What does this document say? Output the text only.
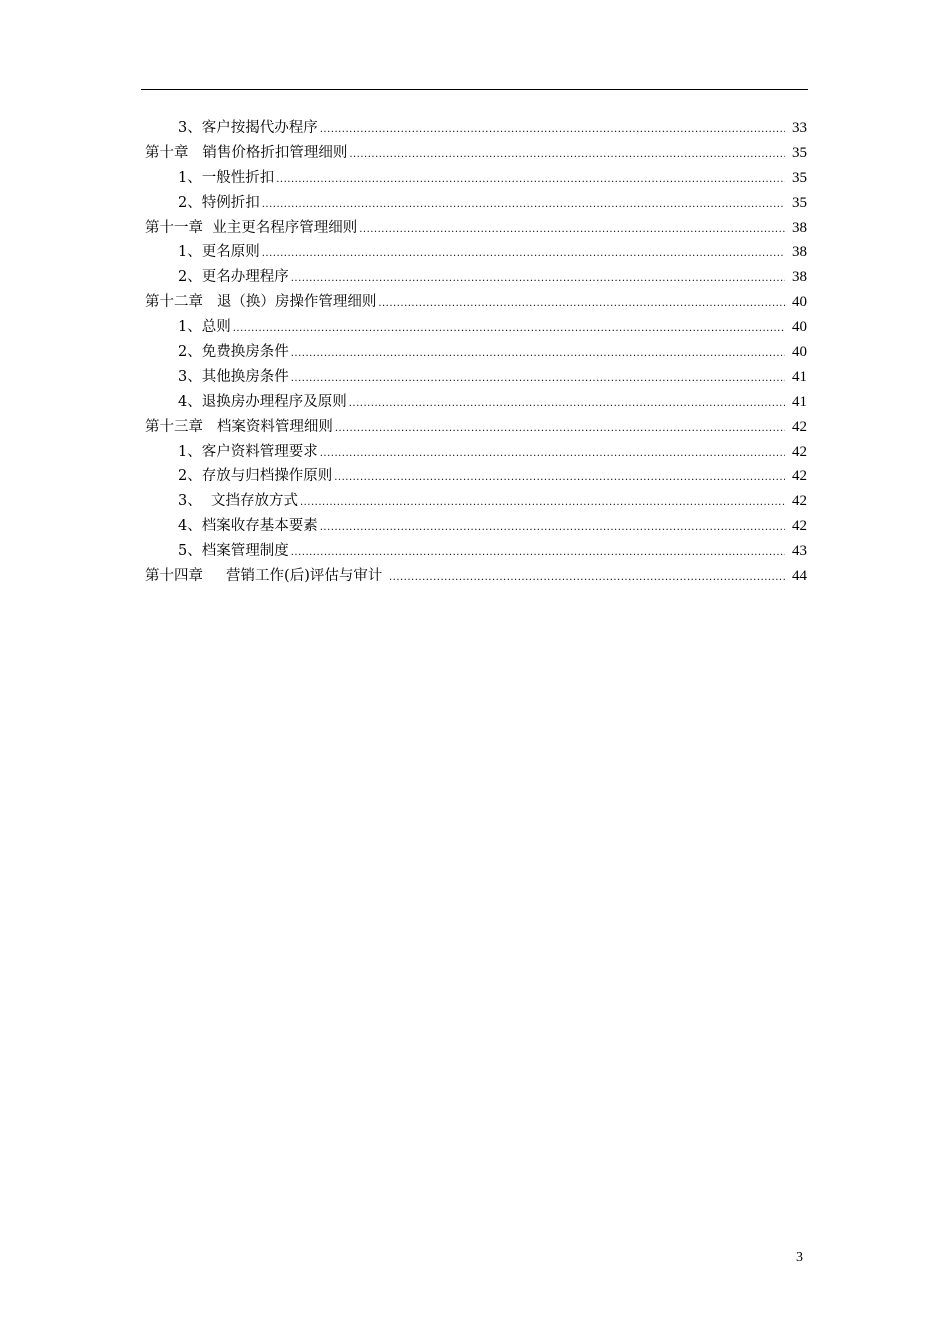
3、客户按揭代办程序 .....	33
第十章   销售价格折扣管理细则 .....	35
1、一般性折扣 .....	35
2、特例折扣 .....	35
第十一章  业主更名程序管理细则 .....	38
1、更名原则 .....	38
2、更名办理程序 .....	38
第十二章   退（换）房操作管理细则 .....	40
1、总则 .....	40
2、免费换房条件 .....	40
3、其他换房条件 .....	41
4、退换房办理程序及原则 .....	41
第十三章   档案资料管理细则 .....	42
1、客户资料管理要求 .....	42
2、存放与归档操作原则 .....	42
3、  文挡存放方式 .....	42
4、档案收存基本要素 .....	42
5、档案管理制度 .....	43
第十四章     营销工作(后)评估与审计 .....	44
3
